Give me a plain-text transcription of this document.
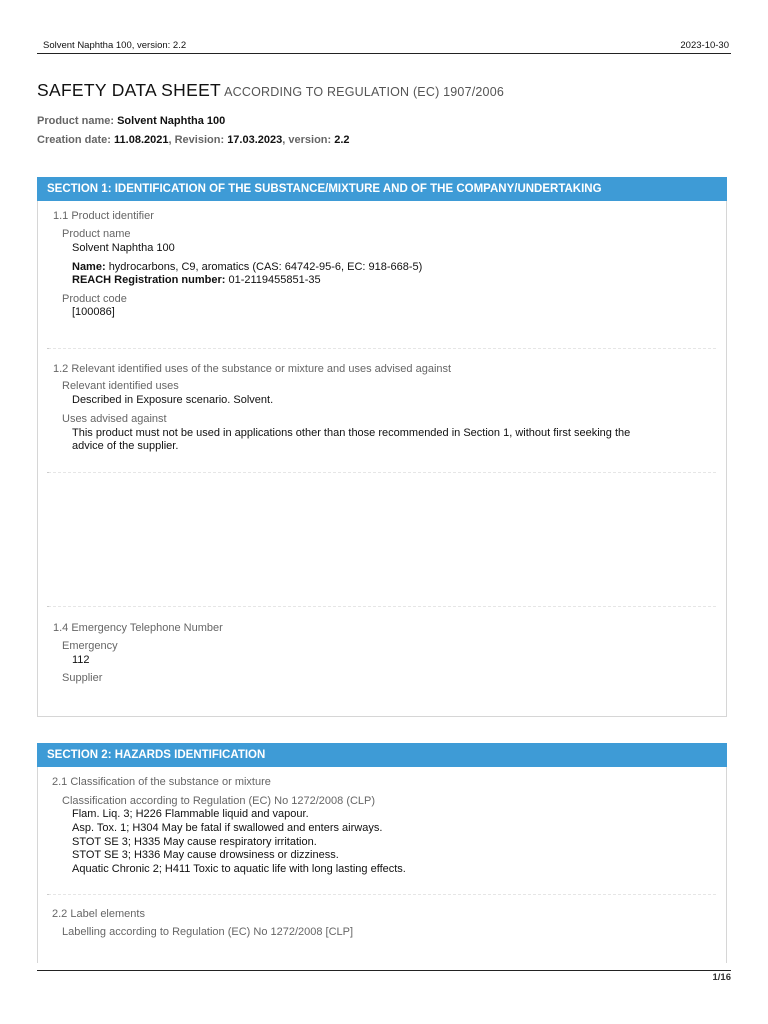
Solvent Naphtha 100, version: 2.2	2023-10-30
SAFETY DATA SHEET ACCORDING TO REGULATION (EC) 1907/2006
Product name: Solvent Naphtha 100
Creation date: 11.08.2021, Revision: 17.03.2023, version: 2.2
SECTION 1: IDENTIFICATION OF THE SUBSTANCE/MIXTURE AND OF THE COMPANY/UNDERTAKING
1.1 Product identifier
Product name
Solvent Naphtha 100
Name: hydrocarbons, C9, aromatics (CAS: 64742-95-6, EC: 918-668-5)
REACH Registration number: 01-2119455851-35
Product code
[100086]
1.2 Relevant identified uses of the substance or mixture and uses advised against
Relevant identified uses
Described in Exposure scenario. Solvent.
Uses advised against
This product must not be used in applications other than those recommended in Section 1, without first seeking the
advice of the supplier.
1.4 Emergency Telephone Number
Emergency
112
Supplier
SECTION 2: HAZARDS IDENTIFICATION
2.1 Classification of the substance or mixture
Classification according to Regulation (EC) No 1272/2008 (CLP)
Flam. Liq. 3; H226 Flammable liquid and vapour.
Asp. Tox. 1; H304 May be fatal if swallowed and enters airways.
STOT SE 3; H335 May cause respiratory irritation.
STOT SE 3; H336 May cause drowsiness or dizziness.
Aquatic Chronic 2; H411 Toxic to aquatic life with long lasting effects.
2.2 Label elements
Labelling according to Regulation (EC) No 1272/2008 [CLP]
1/16
